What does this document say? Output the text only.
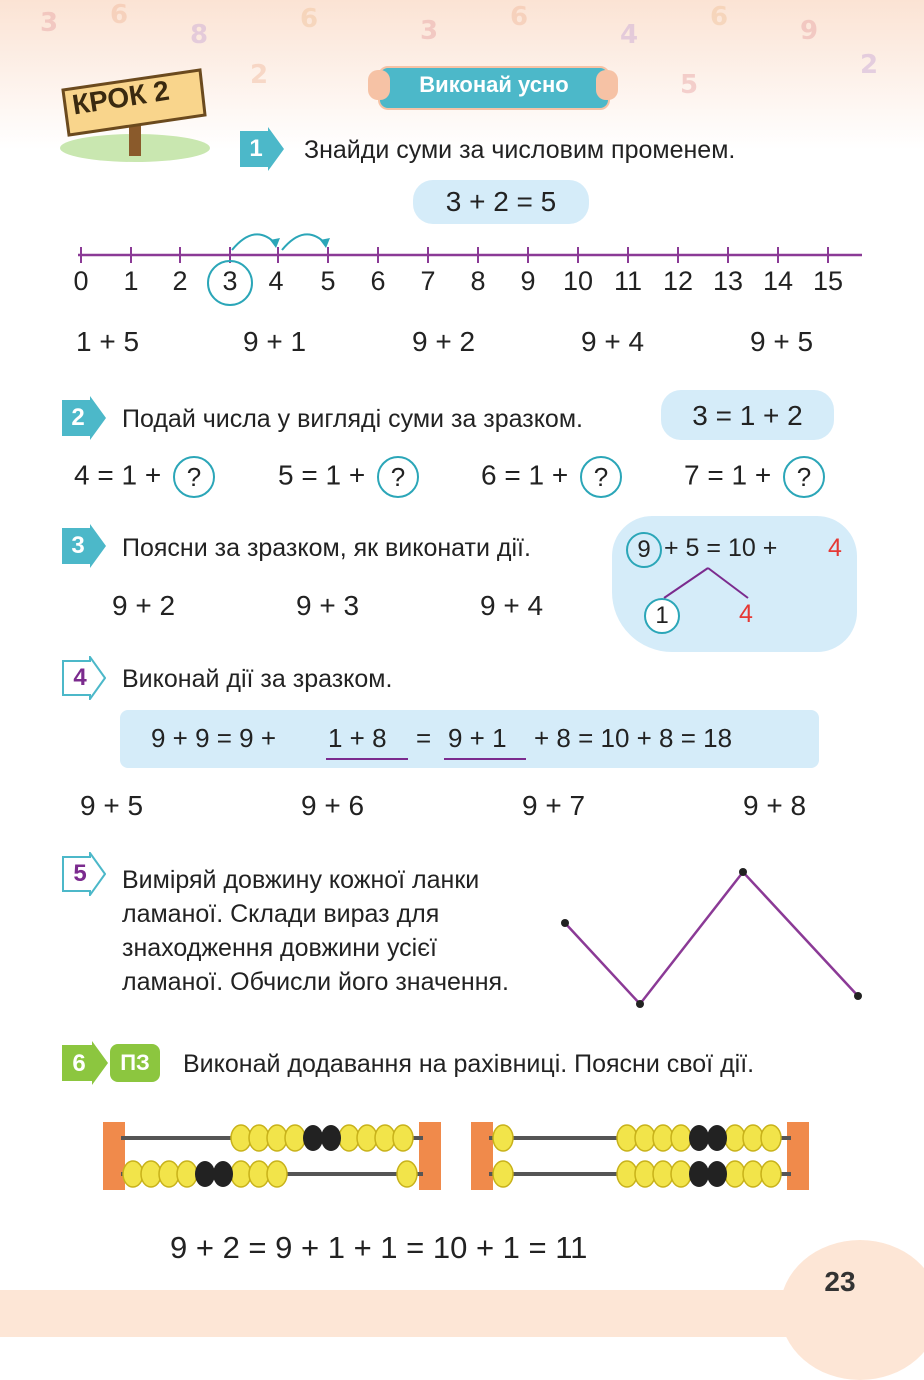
3 6
8
6	3	6
4
6	9
2
2	5
КРОК 2	Виконай усно
1 Знайди суми за числовим променем.
3 + 2 = 5
0	1	2	3	4	5	6	7	8	9	10 11 12 13 14 15
1 + 5	9 + 1	9 + 2	9 + 4	9 + 5
2 Подай числа у вигляді суми за зразком.	3 = 1 + 2
4 = 1 + ?	5 = 1 + ?	6 = 1 + ?	7 = 1 + ?
3 Поясни за зразком, як виконати дії.
9 + 2	9 + 3	9 + 4
9 + 5 = 10 + 4
1	4
4 Виконай дії за зразком.
9 + 9 = 9 + 1 + 8 = 9 + 1 + 8 = 10 + 8 = 18
9 + 5	9 + 6	9 + 7	9 + 8
5 Виміряй довжину кожної ланки
ламаної. Склади вираз для
знаходження довжини усієї
ламаної. Обчисли його значення.
6	ПЗ	Виконай додавання на рахівниці. Поясни свої дії.
9 + 2 = 9 + 1 + 1 = 10 + 1 = 11
23
